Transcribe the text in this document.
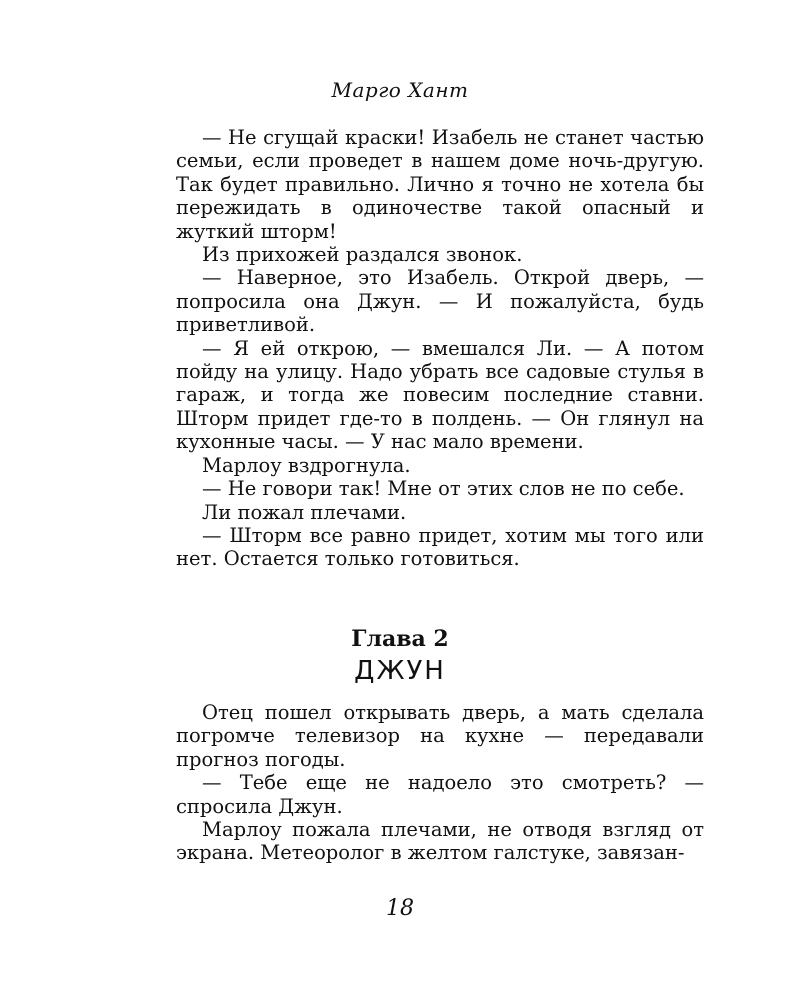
Марго Хант

— Не сгущай краски! Изабель не станет частью семьи, если проведет в нашем доме ночь-другую. Так будет правильно. Лично я точно не хотела бы пережидать в одиночестве такой опасный и жуткий шторм!

Из прихожей раздался звонок.

— Наверное, это Изабель. Открой дверь, — попросила она Джун. — И пожалуйста, будь приветливой.

— Я ей открою, — вмешался Ли. — А потом пойду на улицу. Надо убрать все садовые стулья в гараж, и тогда же повесим последние ставни. Шторм придет где-то в полдень. — Он глянул на кухонные часы. — У нас мало времени.

Марлоу вздрогнула.

— Не говори так! Мне от этих слов не по себе.

Ли пожал плечами.

— Шторм все равно придет, хотим мы того или нет. Остается только готовиться.

Глава 2
ДЖУН

Отец пошел открывать дверь, а мать сделала погромче телевизор на кухне — передавали прогноз погоды.

— Тебе еще не надоело это смотреть? — спросила Джун.

Марлоу пожала плечами, не отводя взгляд от экрана. Метеоролог в желтом галстуке, завязан-

18
